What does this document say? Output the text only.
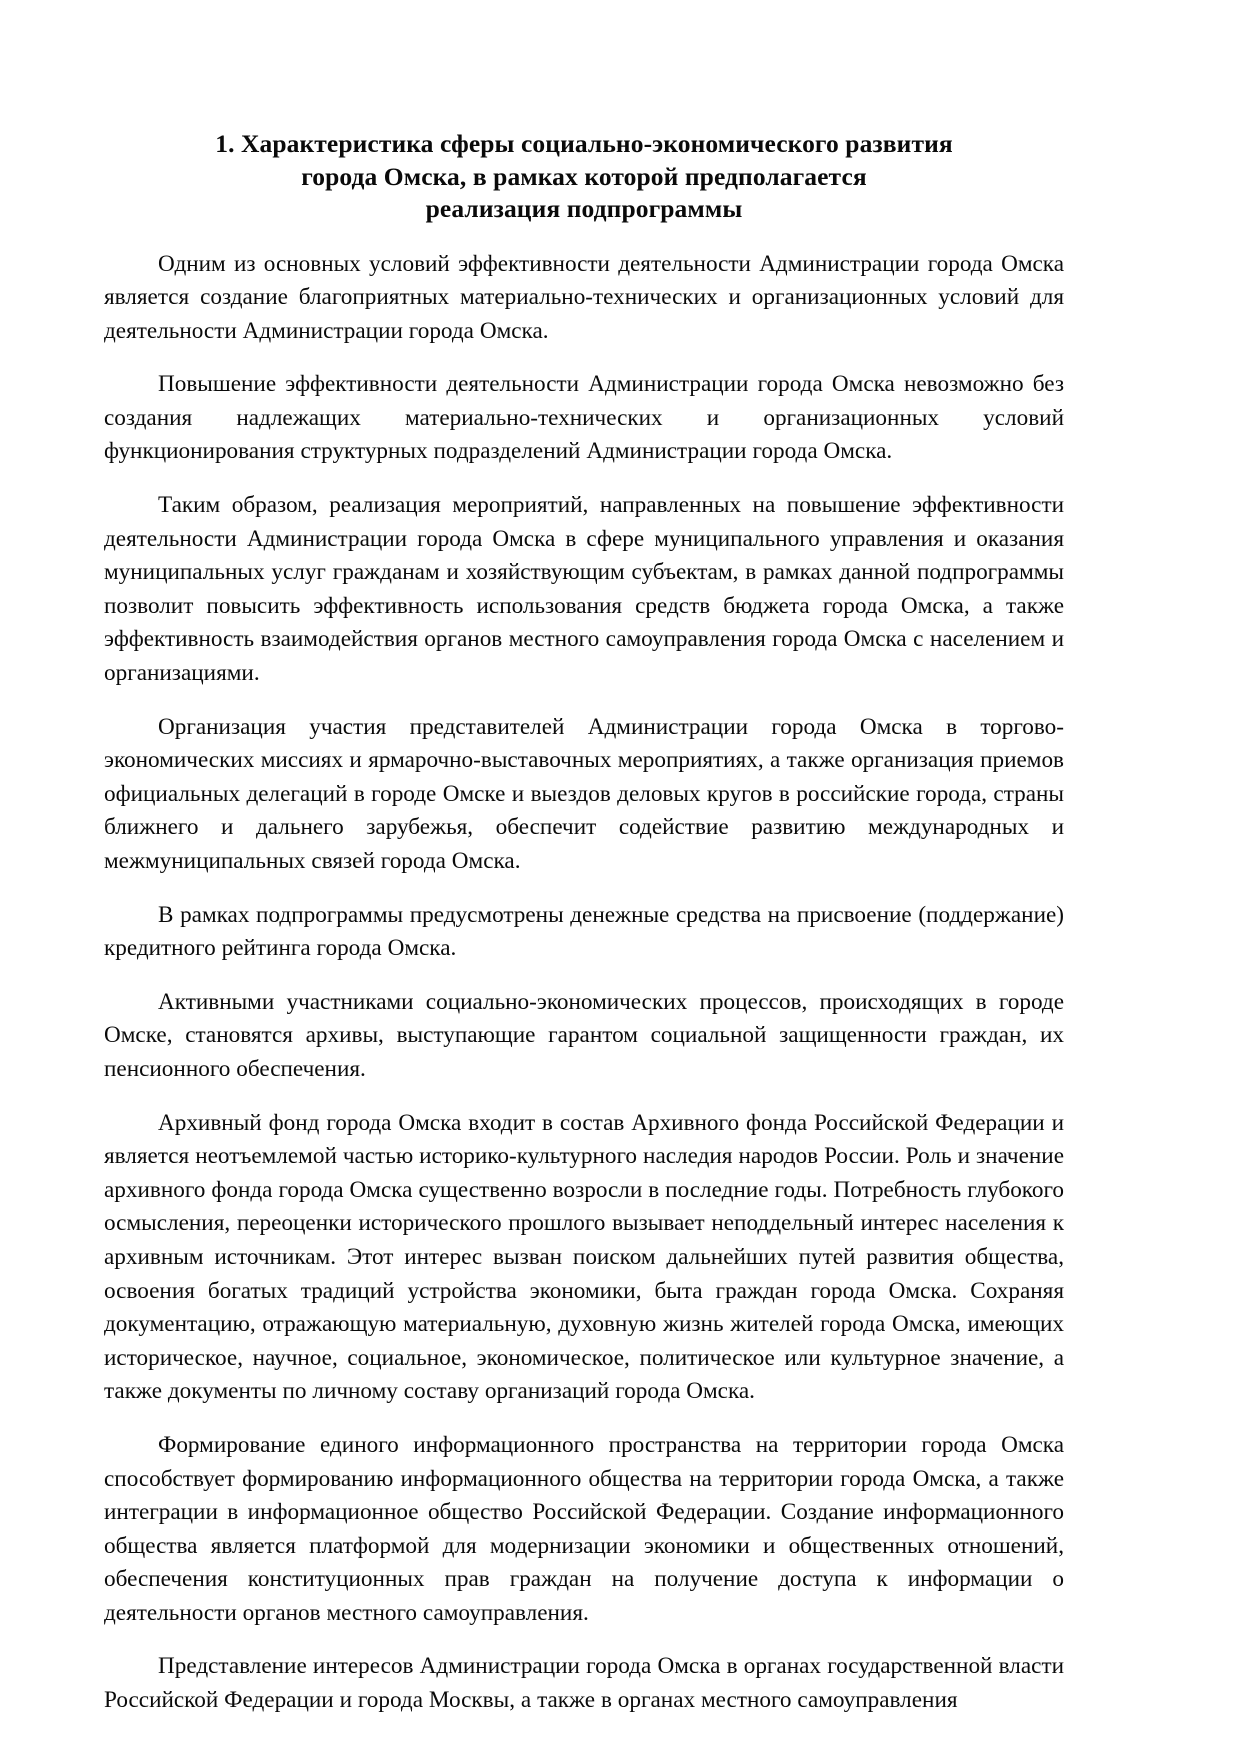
1. Характеристика сферы социально-экономического развития
города Омска, в рамках которой предполагается
реализация подпрограммы

Одним из основных условий эффективности деятельности Администрации города Омска является создание благоприятных материально-технических и организационных условий для деятельности Администрации города Омска.

Повышение эффективности деятельности Администрации города Омска невозможно без создания надлежащих материально-технических и организационных условий функционирования структурных подразделений Администрации города Омска.

Таким образом, реализация мероприятий, направленных на повышение эффективности деятельности Администрации города Омска в сфере муниципального управления и оказания муниципальных услуг гражданам и хозяйствующим субъектам, в рамках данной подпрограммы позволит повысить эффективность использования средств бюджета города Омска, а также эффективность взаимодействия органов местного самоуправления города Омска с населением и организациями.

Организация участия представителей Администрации города Омска в торгово-экономических миссиях и ярмарочно-выставочных мероприятиях, а также организация приемов официальных делегаций в городе Омске и выездов деловых кругов в российские города, страны ближнего и дальнего зарубежья, обеспечит содействие развитию международных и межмуниципальных связей города Омска.

В рамках подпрограммы предусмотрены денежные средства на присвоение (поддержание) кредитного рейтинга города Омска.

Активными участниками социально-экономических процессов, происходящих в городе Омске, становятся архивы, выступающие гарантом социальной защищенности граждан, их пенсионного обеспечения.

Архивный фонд города Омска входит в состав Архивного фонда Российской Федерации и является неотъемлемой частью историко-культурного наследия народов России. Роль и значение архивного фонда города Омска существенно возросли в последние годы. Потребность глубокого осмысления, переоценки исторического прошлого вызывает неподдельный интерес населения к архивным источникам. Этот интерес вызван поиском дальнейших путей развития общества, освоения богатых традиций устройства экономики, быта граждан города Омска. Сохраняя документацию, отражающую материальную, духовную жизнь жителей города Омска, имеющих историческое, научное, социальное, экономическое, политическое или культурное значение, а также документы по личному составу организаций города Омска.

Формирование единого информационного пространства на территории города Омска способствует формированию информационного общества на территории города Омска, а также интеграции в информационное общество Российской Федерации. Создание информационного общества является платформой для модернизации экономики и общественных отношений, обеспечения конституционных прав граждан на получение доступа к информации о деятельности органов местного самоуправления.

Представление интересов Администрации города Омска в органах государственной власти Российской Федерации и города Москвы, а также в органах местного самоуправления
